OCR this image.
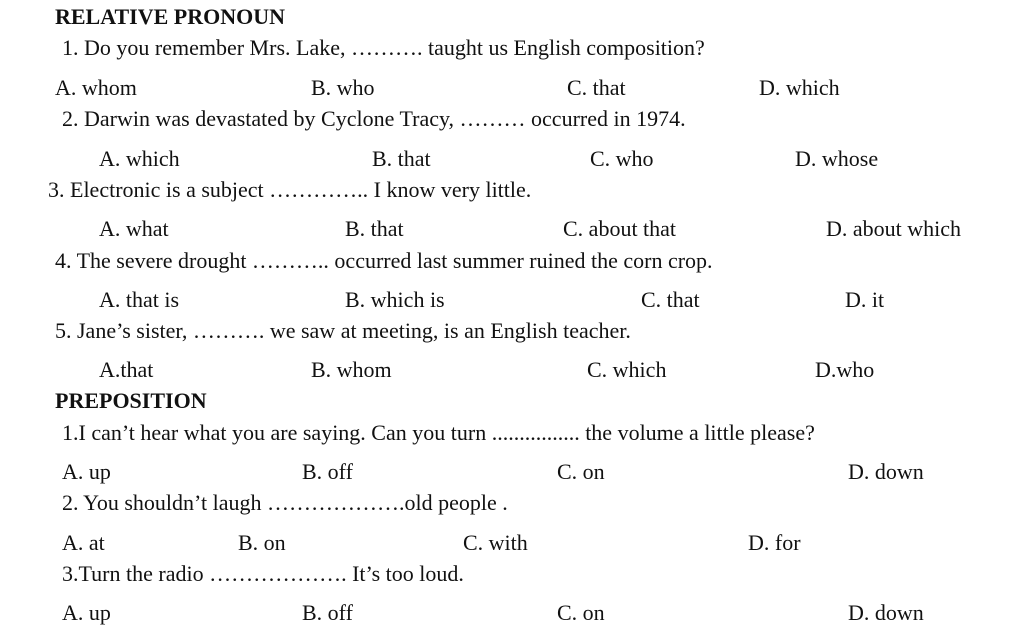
RELATIVE PRONOUN
1. Do you remember Mrs. Lake, ………. taught us English composition?
A. whom	B. who	C. that	D. which
2. Darwin was devastated by Cyclone Tracy, ……… occurred in 1974.
A. which	B. that	C. who	D. whose
3. Electronic is a subject ………….. I know very little.
A. what	B. that	C. about that	D. about which
4. The severe drought ……….. occurred last summer ruined the corn crop.
A. that is	B. which is	C. that	D. it
5. Jane’s sister, ………. we saw at meeting, is an English teacher.
A.that	B. whom	C. which	D.who
PREPOSITION
1.I can’t hear what you are saying. Can you turn ................ the volume a little please?
A. up	B. off	C. on	D. down
2. You shouldn’t laugh ……………….old people .
A. at	B. on	C. with	D. for
3.Turn the radio ………………. It’s too loud.
A. up	B. off	C. on	D. down
